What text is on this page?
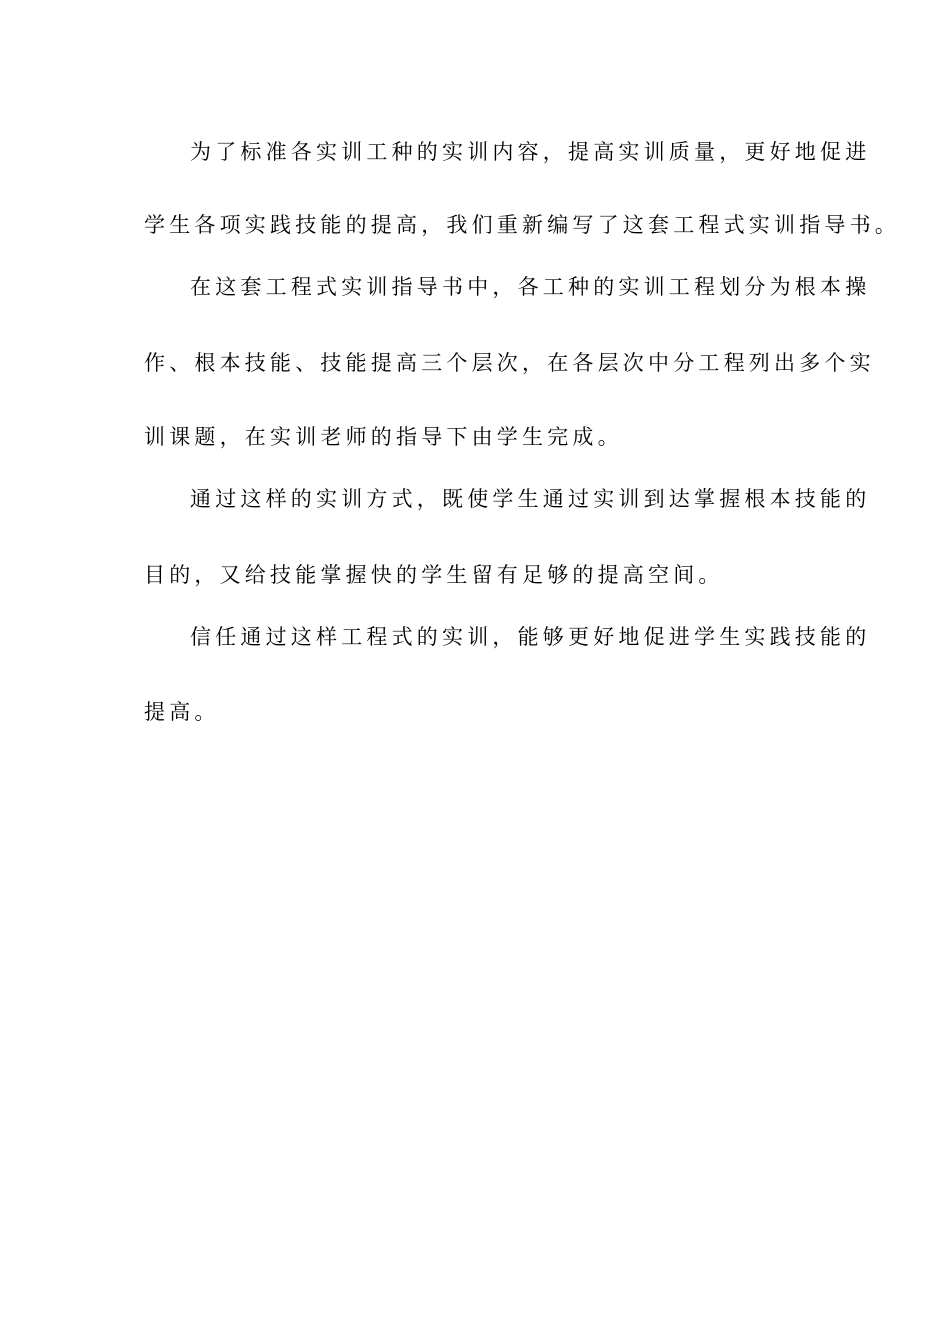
为了标准各实训工种的实训内容，提高实训质量，更好地促进
学生各项实践技能的提高，我们重新编写了这套工程式实训指导书。
在这套工程式实训指导书中，各工种的实训工程划分为根本操
作、根本技能、技能提高三个层次，在各层次中分工程列出多个实
训课题，在实训老师的指导下由学生完成。
通过这样的实训方式，既使学生通过实训到达掌握根本技能的
目的，又给技能掌握快的学生留有足够的提高空间。
信任通过这样工程式的实训，能够更好地促进学生实践技能的
提高。
